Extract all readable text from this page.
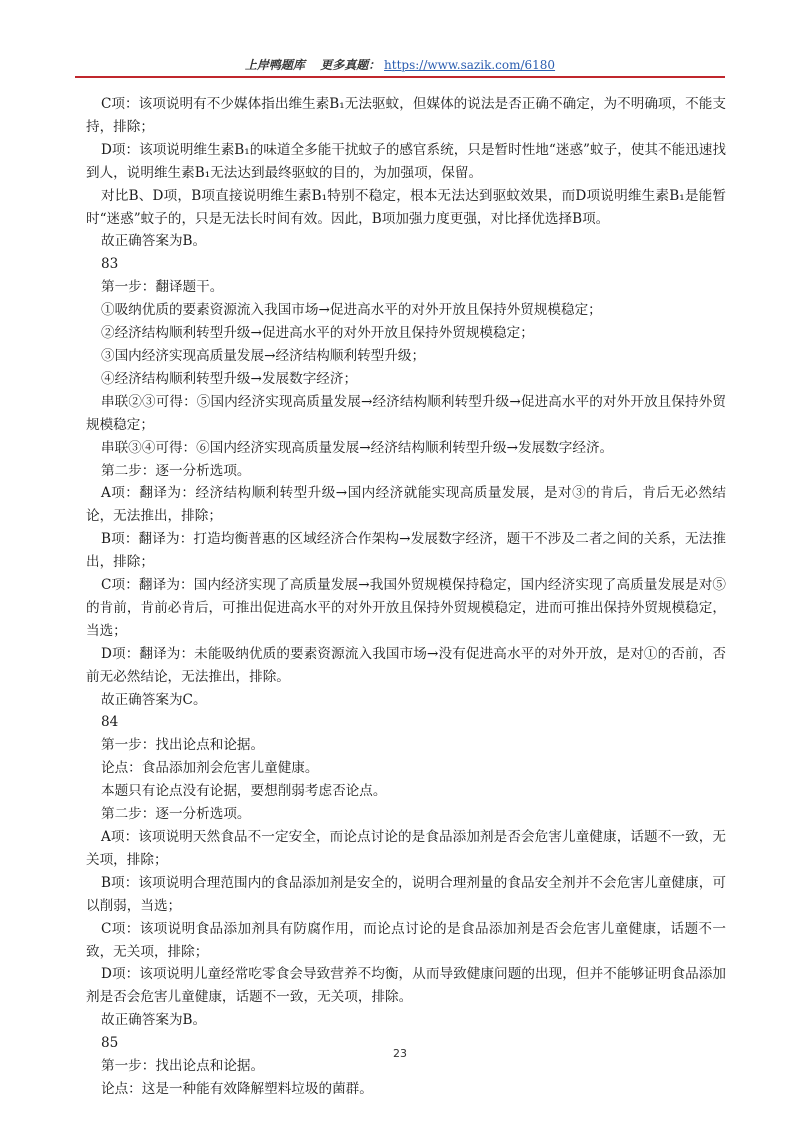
上岸鸭题库 更多真题： https://www.sazik.com/6180

C项：该项说明有不少媒体指出维生素B₁无法驱蚊，但媒体的说法是否正确不确定，为不明确项，不能支持，排除；

D项：该项说明维生素B₁的味道全多能干扰蚊子的感官系统，只是暂时性地“迷惑”蚊子，使其不能迅速找到人，说明维生素B₁无法达到最终驱蚊的目的，为加强项，保留。

对比B、D项，B项直接说明维生素B₁特别不稳定，根本无法达到驱蚊效果，而D项说明维生素B₁是能暂时“迷惑”蚊子的，只是无法长时间有效。因此，B项加强力度更强，对比择优选择B项。

故正确答案为B。

83

第一步：翻译题干。

①吸纳优质的要素资源流入我国市场→促进高水平的对外开放且保持外贸规模稳定；

②经济结构顺利转型升级→促进高水平的对外开放且保持外贸规模稳定；

③国内经济实现高质量发展→经济结构顺利转型升级；

④经济结构顺利转型升级→发展数字经济；

串联②③可得：⑤国内经济实现高质量发展→经济结构顺利转型升级→促进高水平的对外开放且保持外贸规模稳定；

串联③④可得：⑥国内经济实现高质量发展→经济结构顺利转型升级→发展数字经济。

第二步：逐一分析选项。

A项：翻译为：经济结构顺利转型升级→国内经济就能实现高质量发展，是对③的肯后，肯后无必然结论，无法推出，排除；

B项：翻译为：打造均衡普惠的区域经济合作架构→发展数字经济，题干不涉及二者之间的关系，无法推出，排除；

C项：翻译为：国内经济实现了高质量发展→我国外贸规模保持稳定，国内经济实现了高质量发展是对⑤的肯前，肯前必肯后，可推出促进高水平的对外开放且保持外贸规模稳定，进而可推出保持外贸规模稳定，当选；

D项：翻译为：未能吸纳优质的要素资源流入我国市场→没有促进高水平的对外开放，是对①的否前，否前无必然结论，无法推出，排除。

故正确答案为C。

84

第一步：找出论点和论据。

论点：食品添加剂会危害儿童健康。

本题只有论点没有论据，要想削弱考虑否论点。

第二步：逐一分析选项。

A项：该项说明天然食品不一定安全，而论点讨论的是食品添加剂是否会危害儿童健康，话题不一致，无关项，排除；

B项：该项说明合理范围内的食品添加剂是安全的，说明合理剂量的食品安全剂并不会危害儿童健康，可以削弱，当选；

C项：该项说明食品添加剂具有防腐作用，而论点讨论的是食品添加剂是否会危害儿童健康，话题不一致，无关项，排除；

D项：该项说明儿童经常吃零食会导致营养不均衡，从而导致健康问题的出现，但并不能够证明食品添加剂是否会危害儿童健康，话题不一致，无关项，排除。

故正确答案为B。

85

第一步：找出论点和论据。

论点：这是一种能有效降解塑料垃圾的菌群。

23
